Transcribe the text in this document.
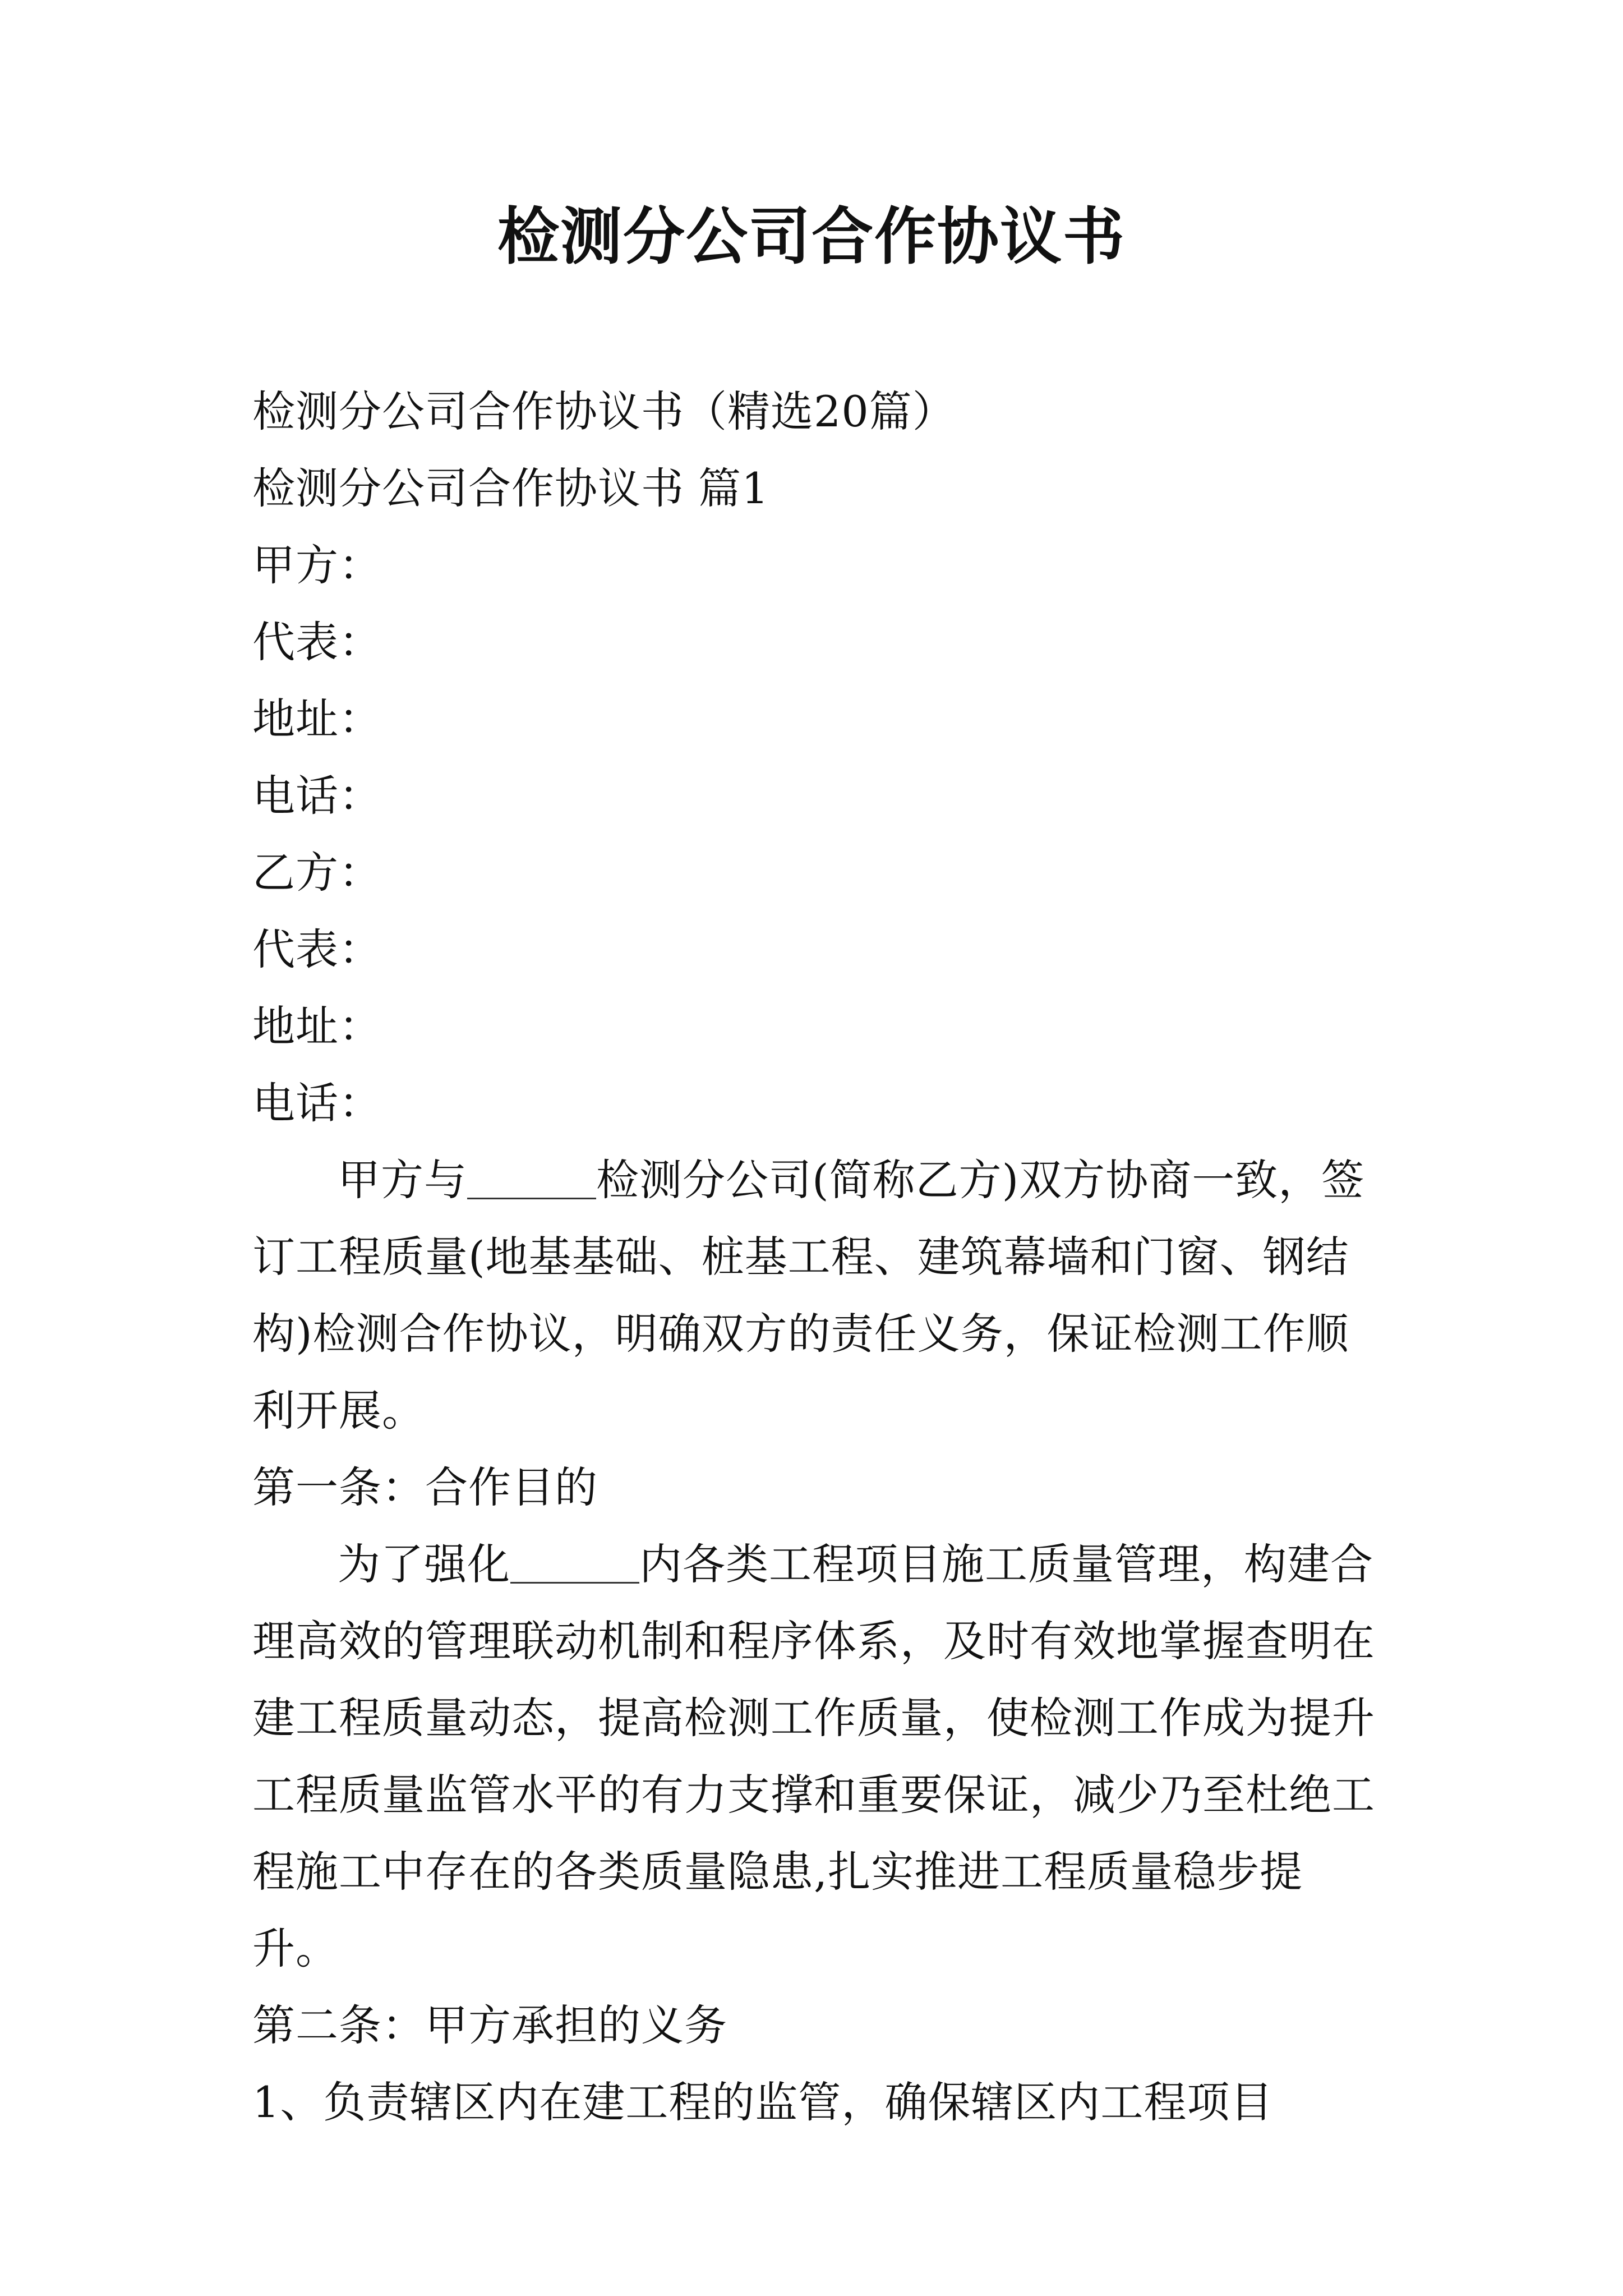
检测分公司合作协议书

检测分公司合作协议书（精选20篇）

检测分公司合作协议书 篇1

甲方：

代表：

地址：

电话：

乙方：

代表：

地址：

电话：

甲方与	检测分公司(简称乙方)双方协商一致，签订工程质量(地基基础、桩基工程、建筑幕墙和门窗、钢结构)检测合作协议，明确双方的责任义务，保证检测工作顺利开展。

第一条：合作目的

为了强化	内各类工程项目施工质量管理，构建合理高效的管理联动机制和程序体系，及时有效地掌握查明在建工程质量动态，提高检测工作质量，使检测工作成为提升工程质量监管水平的有力支撑和重要保证，减少乃至杜绝工程施工中存在的各类质量隐患,扎实推进工程质量稳步提升。

第二条：甲方承担的义务

1、负责辖区内在建工程的监管，确保辖区内工程项目
